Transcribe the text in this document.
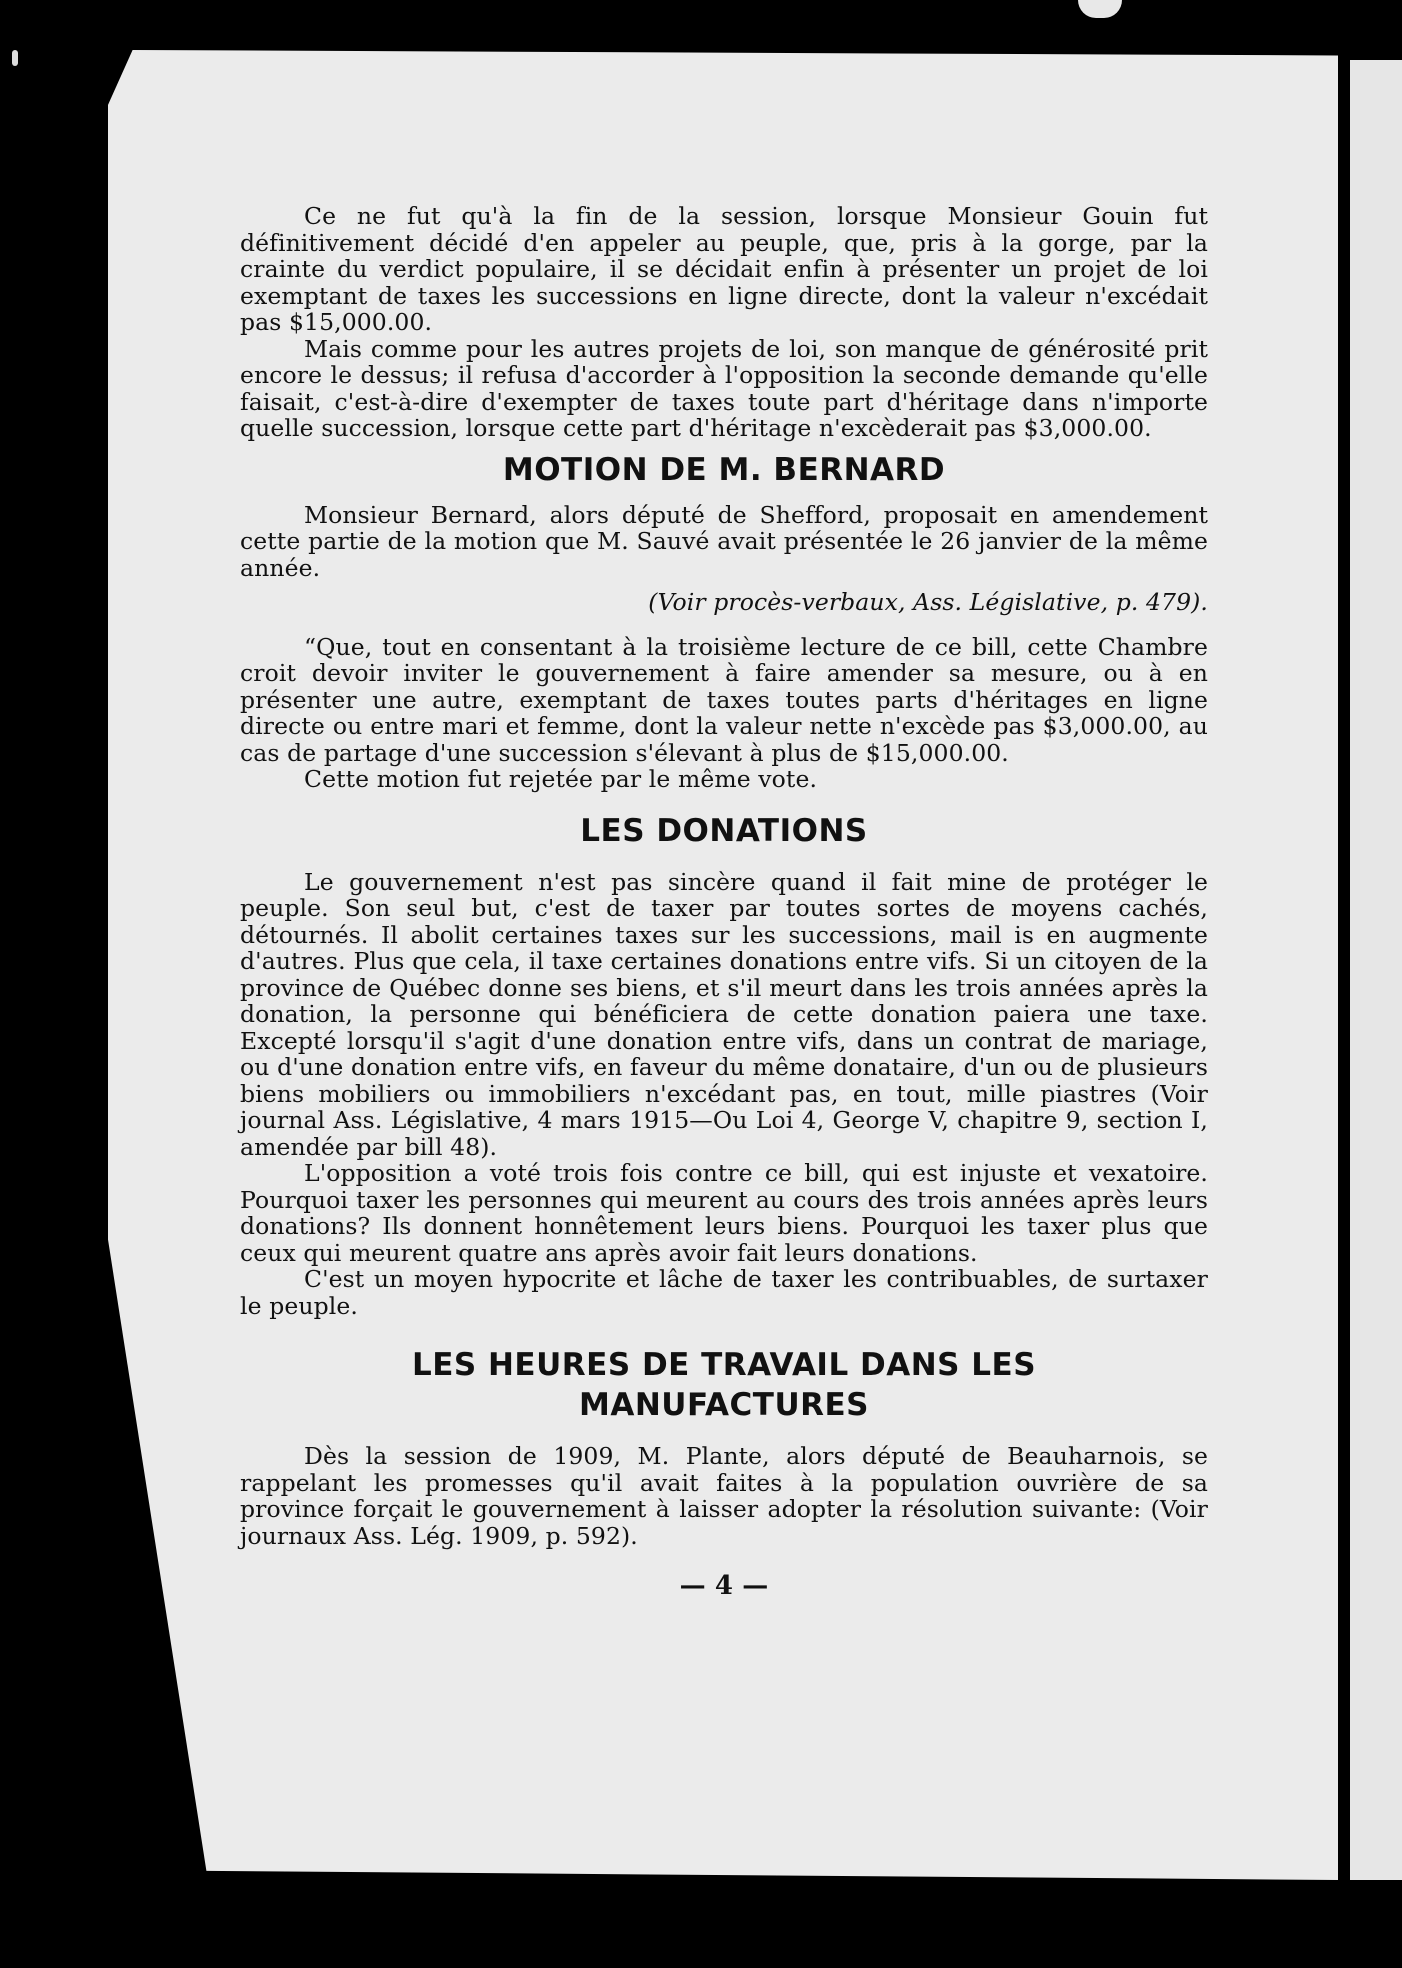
Ce ne fut qu'à la fin de la session, lorsque Monsieur Gouin fut définitivement décidé d'en appeler au peuple, que, pris à la gorge, par la crainte du verdict populaire, il se décidait enfin à présenter un projet de loi exemptant de taxes les successions en ligne directe, dont la valeur n'excédait pas $15,000.00.

Mais comme pour les autres projets de loi, son manque de générosité prit encore le dessus; il refusa d'accorder à l'opposition la seconde demande qu'elle faisait, c'est-à-dire d'exempter de taxes toute part d'héritage dans n'importe quelle succession, lorsque cette part d'héritage n'excèderait pas $3,000.00.

MOTION DE M. BERNARD

Monsieur Bernard, alors député de Shefford, proposait en amendement cette partie de la motion que M. Sauvé avait présentée le 26 janvier de la même année.

(Voir procès-verbaux, Ass. Législative, p. 479).

“Que, tout en consentant à la troisième lecture de ce bill, cette Chambre croit devoir inviter le gouvernement à faire amender sa mesure, ou à en présenter une autre, exemptant de taxes toutes parts d'héritages en ligne directe ou entre mari et femme, dont la valeur nette n'excède pas $3,000.00, au cas de partage d'une succession s'élevant à plus de $15,000.00.

Cette motion fut rejetée par le même vote.

LES DONATIONS

Le gouvernement n'est pas sincère quand il fait mine de protéger le peuple. Son seul but, c'est de taxer par toutes sortes de moyens cachés, détournés. Il abolit certaines taxes sur les successions, mail is en augmente d'autres. Plus que cela, il taxe certaines donations entre vifs. Si un citoyen de la province de Québec donne ses biens, et s'il meurt dans les trois années après la donation, la personne qui bénéficiera de cette donation paiera une taxe. Excepté lorsqu'il s'agit d'une donation entre vifs, dans un contrat de mariage, ou d'une donation entre vifs, en faveur du même donataire, d'un ou de plusieurs biens mobiliers ou immobiliers n'excédant pas, en tout, mille piastres (Voir journal Ass. Législative, 4 mars 1915—Ou Loi 4, George V, chapitre 9, section I, amendée par bill 48).

L'opposition a voté trois fois contre ce bill, qui est injuste et vexatoire. Pourquoi taxer les personnes qui meurent au cours des trois années après leurs donations? Ils donnent honnêtement leurs biens. Pourquoi les taxer plus que ceux qui meurent quatre ans après avoir fait leurs donations.

C'est un moyen hypocrite et lâche de taxer les contribuables, de surtaxer le peuple.

LES HEURES DE TRAVAIL DANS LES
MANUFACTURES

Dès la session de 1909, M. Plante, alors député de Beauharnois, se rappelant les promesses qu'il avait faites à la population ouvrière de sa province forçait le gouvernement à laisser adopter la résolution suivante: (Voir journaux Ass. Lég. 1909, p. 592).

— 4 —
